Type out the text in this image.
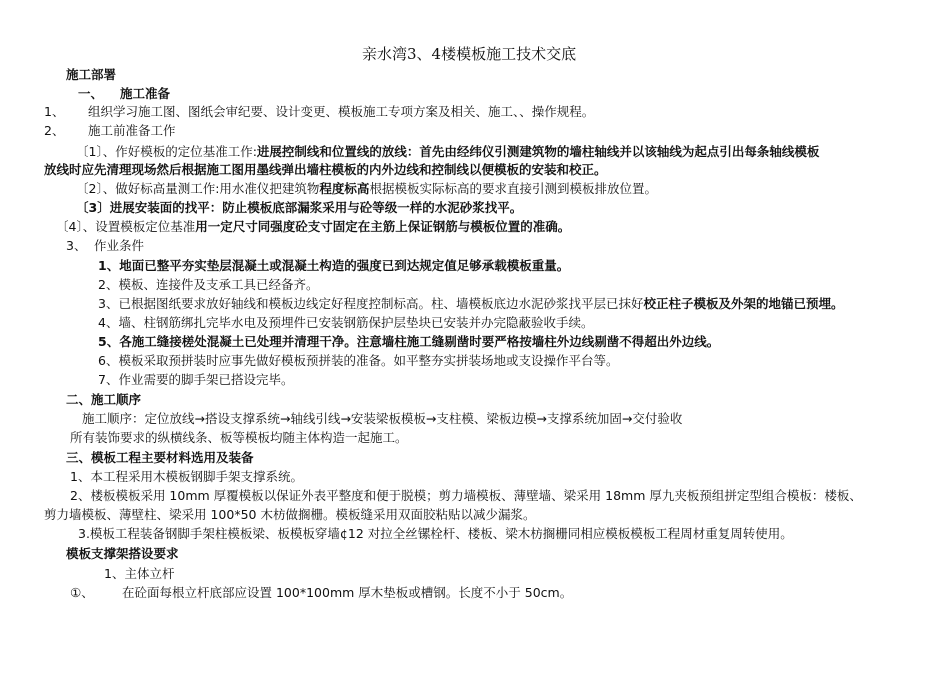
亲水湾3、4楼模板施工技术交底
施工部署
一、 施工准备
1、 组织学习施工图、图纸会审纪要、设计变更、模板施工专项方案及相关、施工、、操作规程。
2、 施工前准备工作
〔1〕、作好模板的定位基准工作:进展控制线和位置线的放线：首先由经纬仪引测建筑物的墙柱轴线并以该轴线为起点引出每条轴线模板
放线时应先清理现场然后根据施工图用墨线弹出墙柱模板的内外边线和控制线以便模板的安装和校正。
〔2〕、做好标高量测工作:用水准仪把建筑物程度标高根据模板实际标高的要求直接引测到模板排放位置。
〔3〕进展安装面的找平：防止模板底部漏浆采用与砼等级一样的水泥砂浆找平。
〔4〕、设置模板定位基准用一定尺寸同强度砼支寸固定在主筋上保证钢筋与模板位置的准确。
3、 作业条件
1、地面已整平夯实垫层混凝土或混凝土构造的强度已到达规定值足够承载模板重量。
2、模板、连接件及支承工具已经备齐。
3、已根据图纸要求放好轴线和模板边线定好程度控制标高。柱、墙模板底边水泥砂浆找平层已抹好校正柱子模板及外架的地锚已预埋。
4、墙、柱钢筋绑扎完毕水电及预埋件已安装钢筋保护层垫块已安装并办完隐蔽验收手续。
5、各施工缝接槎处混凝土已处理并清理干净。注意墙柱施工缝剔凿时要严格按墙柱外边线剔凿不得超出外边线。
6、模板采取预拼装时应事先做好模板预拼装的准备。如平整夯实拼装场地或支设操作平台等。
7、作业需要的脚手架已搭设完毕。
二、施工顺序
施工顺序：定位放线→搭设支撑系统→轴线引线→安装梁板模板→支柱模、梁板边模→支撑系统加固→交付验收
所有装饰要求的纵横线条、板等模板均随主体构造一起施工。
三、模板工程主要材料选用及装备
1、本工程采用木模板钢脚手架支撑系统。
2、楼板模板采用 10mm 厚覆模板以保证外表平整度和便于脱模；剪力墙模板、薄壁墙、梁采用 18mm 厚九夹板预组拼定型组合模板：楼板、
剪力墙模板、薄壁柱、梁采用 100*50 木枋做搁栅。模板缝采用双面胶粘贴以减少漏浆。
3.模板工程装备钢脚手架柱模板梁、板模板穿墙¢12 对拉全丝镙栓杆、楼板、梁木枋搁栅同相应模板模板工程周材重复周转使用。
模板支撑架搭设要求
1、主体立杆
①、 在砼面每根立杆底部应设置 100*100mm 厚木垫板或槽钢。长度不小于 50cm。
